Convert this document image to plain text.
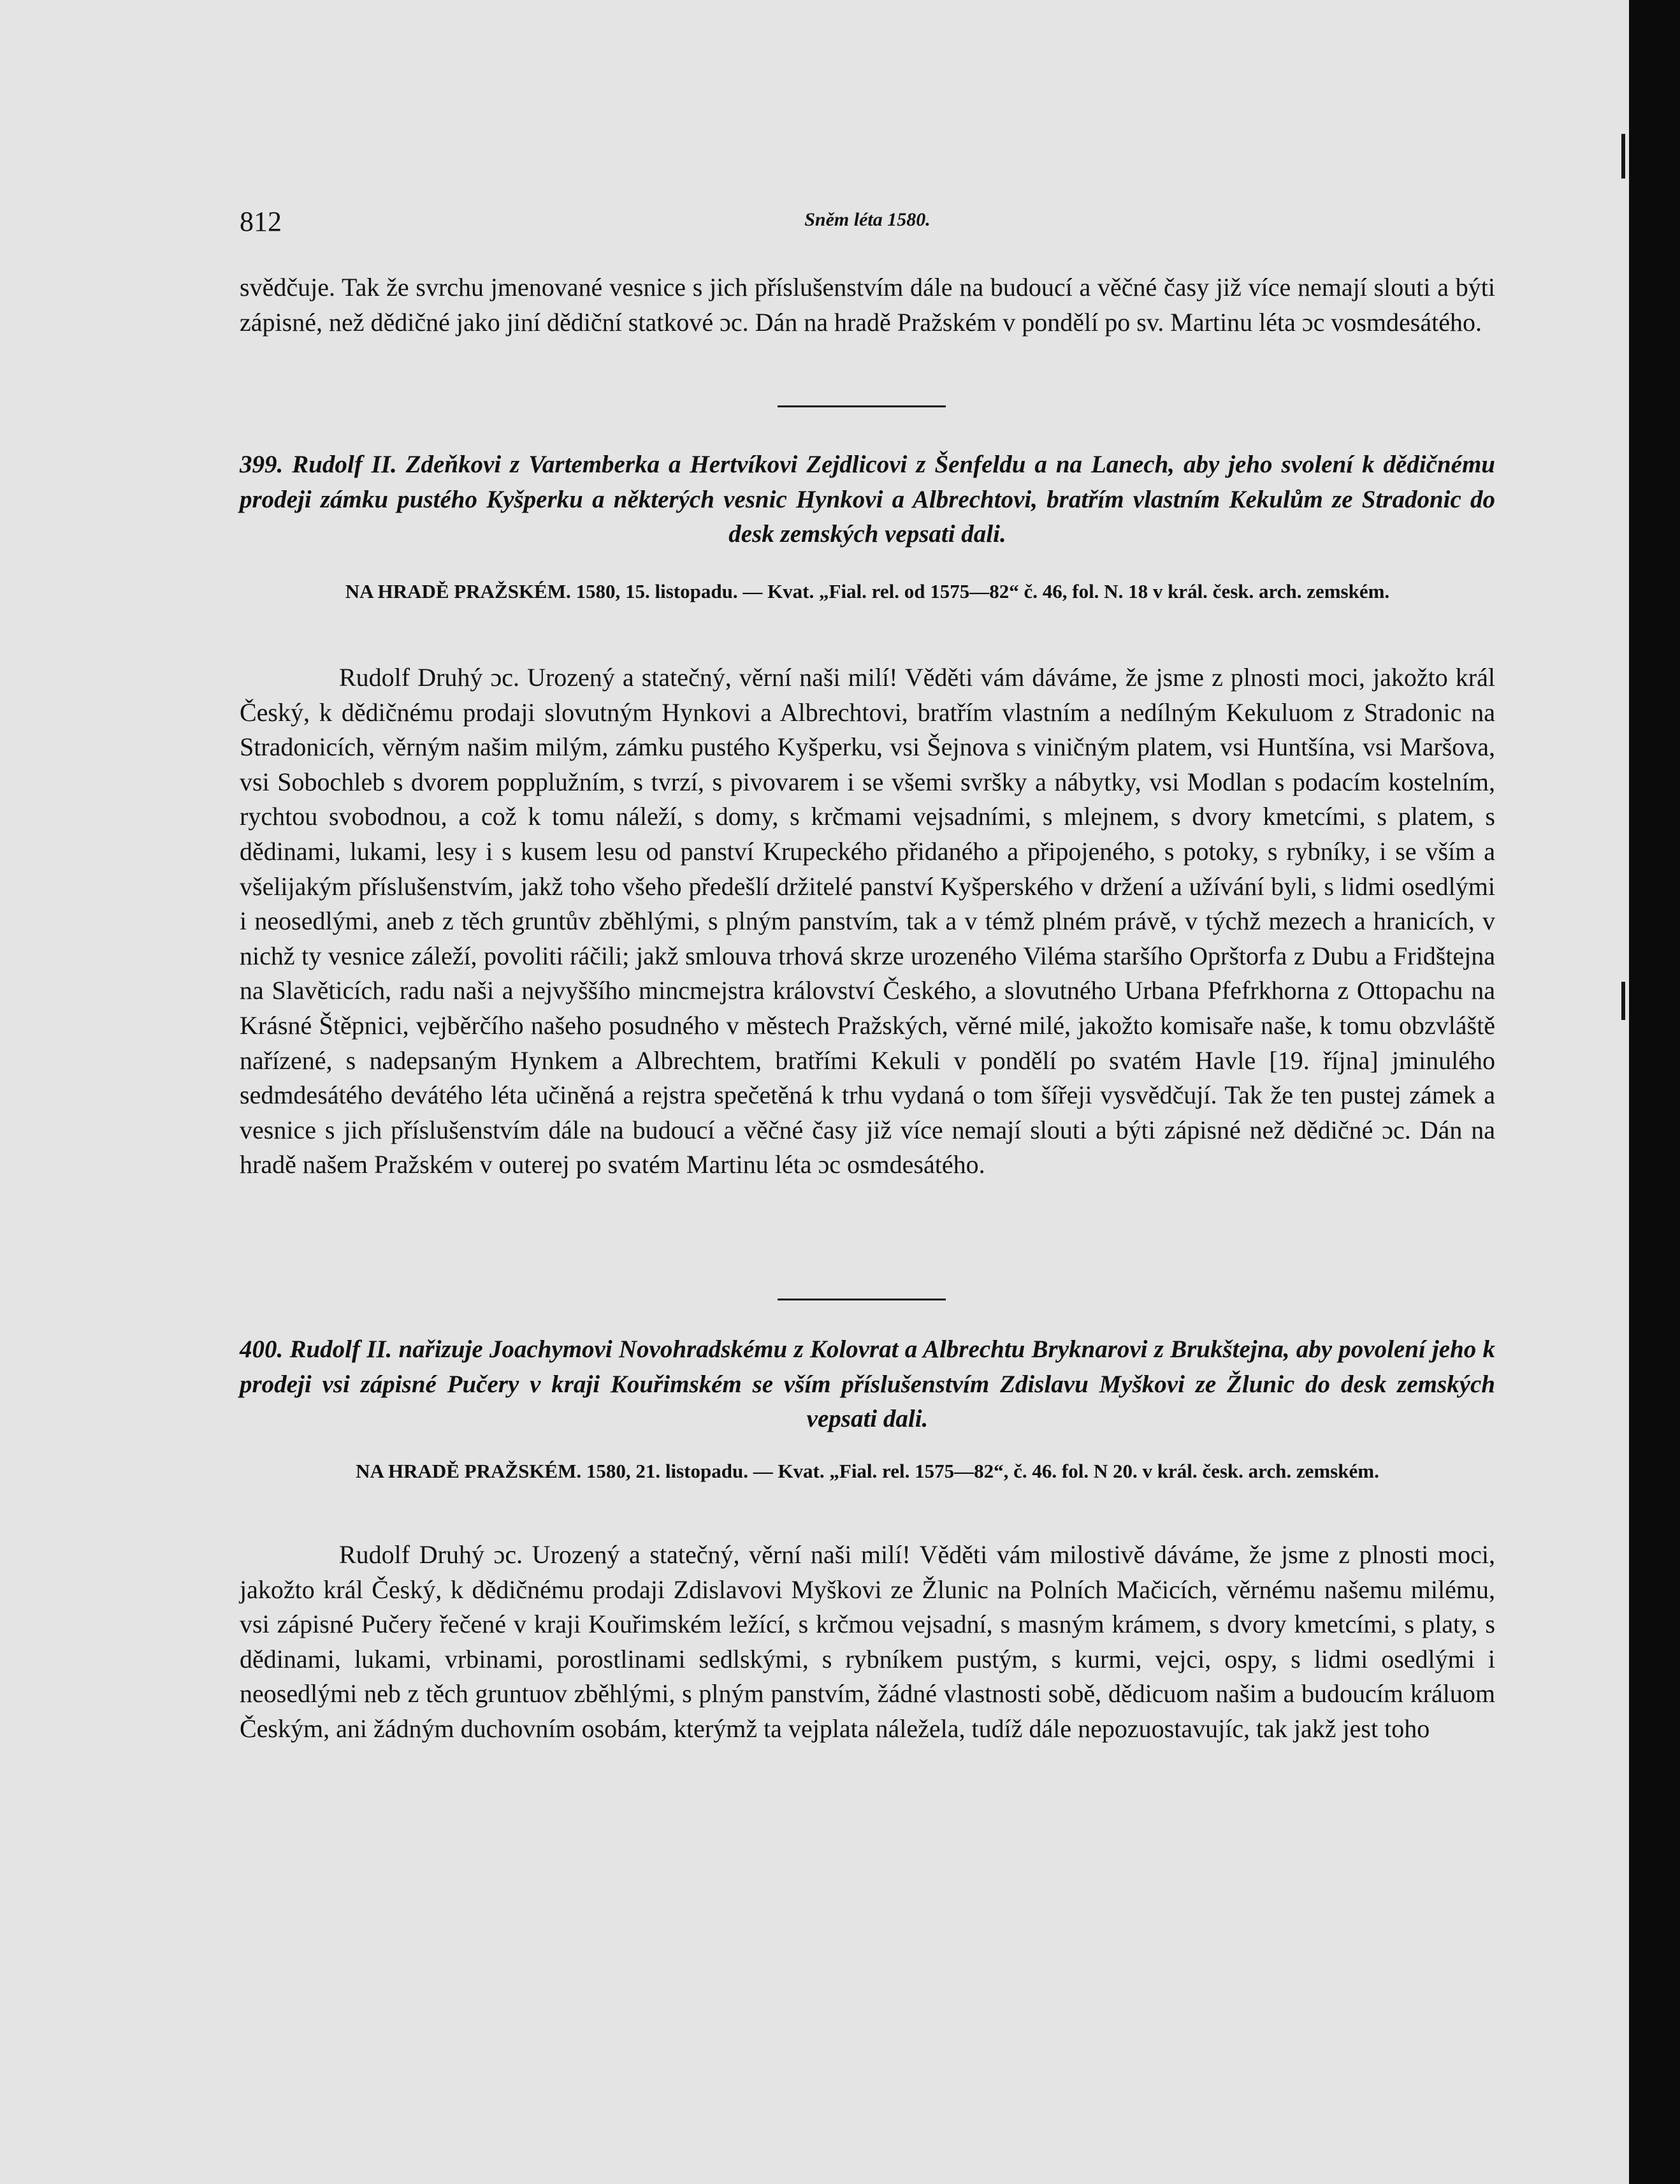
812	Sněm léta 1580.

svědčuje. Tak že svrchu jmenované vesnice s jich příslušenstvím dále na budoucí a věčné časy již více nemají slouti a býti zápisné, než dědičné jako jiní dědiční statkové ɔc. Dán na hradě Pražském v pondělí po sv. Martinu léta ɔc vosmdesátého.

399. Rudolf II. Zdeňkovi z Vartemberka a Hertvíkovi Zejdlicovi z Šenfeldu a na Lanech, aby jeho svolení k dědičnému prodeji zámku pustého Kyšperku a některých vesnic Hynkovi a Albrechtovi, bratřím vlastním Kekulům ze Stradonic do desk zemských vepsati dali.

NA HRADĚ PRAŽSKÉM. 1580, 15. listopadu. — Kvat. „Fial. rel. od 1575—82“ č. 46, fol. N. 18 v král. česk. arch. zemském.

Rudolf Druhý ɔc. Urozený a statečný, věrní naši milí! Věděti vám dáváme, že jsme z plnosti moci, jakožto král Český, k dědičnému prodaji slovutným Hynkovi a Albrechtovi, bratřím vlastním a nedílným Kekuluom z Stradonic na Stradonicích, věrným našim milým, zámku pustého Kyšperku, vsi Šejnova s viničným platem, vsi Huntšína, vsi Maršova, vsi Sobochleb s dvorem popplužním, s tvrzí, s pivovarem i se všemi svršky a nábytky, vsi Modlan s podacím kostelním, rychtou svobodnou, a což k tomu náleží, s domy, s krčmami vejsadními, s mlejnem, s dvory kmetcími, s platem, s dědinami, lukami, lesy i s kusem lesu od panství Krupeckého přidaného a připojeného, s potoky, s rybníky, i se vším a všelijakým příslušenstvím, jakž toho všeho předešlí držitelé panství Kyšperského v držení a užívání byli, s lidmi osedlými i neosedlými, aneb z těch gruntův zběhlými, s plným panstvím, tak a v témž plném právě, v týchž mezech a hranicích, v nichž ty vesnice záleží, povoliti ráčili; jakž smlouva trhová skrze urozeného Viléma staršího Oprštorfa z Dubu a Fridštejna na Slavěticích, radu naši a nejvyššího mincmejstra království Českého, a slovutného Urbana Pfefrkhorna z Ottopachu na Krásné Štěpnici, vejběrčího našeho posudného v městech Pražských, věrné milé, jakožto komisaře naše, k tomu obzvláště nařízené, s nadepsaným Hynkem a Albrechtem, bratřími Kekuli v pondělí po svatém Havle [19. října] jminulého sedmdesátého devátého léta učiněná a rejstra spečetěná k trhu vydaná o tom šířeji vysvědčují. Tak že ten pustej zámek a vesnice s jich příslušenstvím dále na budoucí a věčné časy již více nemají slouti a býti zápisné než dědičné ɔc. Dán na hradě našem Pražském v outerej po svatém Martinu léta ɔc osmdesátého.

400. Rudolf II. nařizuje Joachymovi Novohradskému z Kolovrat a Albrechtu Bryknarovi z Brukštejna, aby povolení jeho k prodeji vsi zápisné Pučery v kraji Kouřimském se vším příslušenstvím Zdislavu Myškovi ze Žlunic do desk zemských vepsati dali.

NA HRADĚ PRAŽSKÉM. 1580, 21. listopadu. — Kvat. „Fial. rel. 1575—82“, č. 46. fol. N 20. v král. česk. arch. zemském.

Rudolf Druhý ɔc. Urozený a statečný, věrní naši milí! Věděti vám milostivě dáváme, že jsme z plnosti moci, jakožto král Český, k dědičnému prodaji Zdislavovi Myškovi ze Žlunic na Polních Mačicích, věrnému našemu milému, vsi zápisné Pučery řečené v kraji Kouřimském ležící, s krčmou vejsadní, s masným krámem, s dvory kmetcími, s platy, s dědinami, lukami, vrbinami, porostlinami sedlskými, s rybníkem pustým, s kurmi, vejci, ospy, s lidmi osedlými i neosedlými neb z těch gruntuov zběhlými, s plným panstvím, žádné vlastnosti sobě, dědicuom našim a budoucím králuom Českým, ani žádným duchovním osobám, kterýmž ta vejplata náležela, tudíž dále nepozuostavujíc, tak jakž jest toho
